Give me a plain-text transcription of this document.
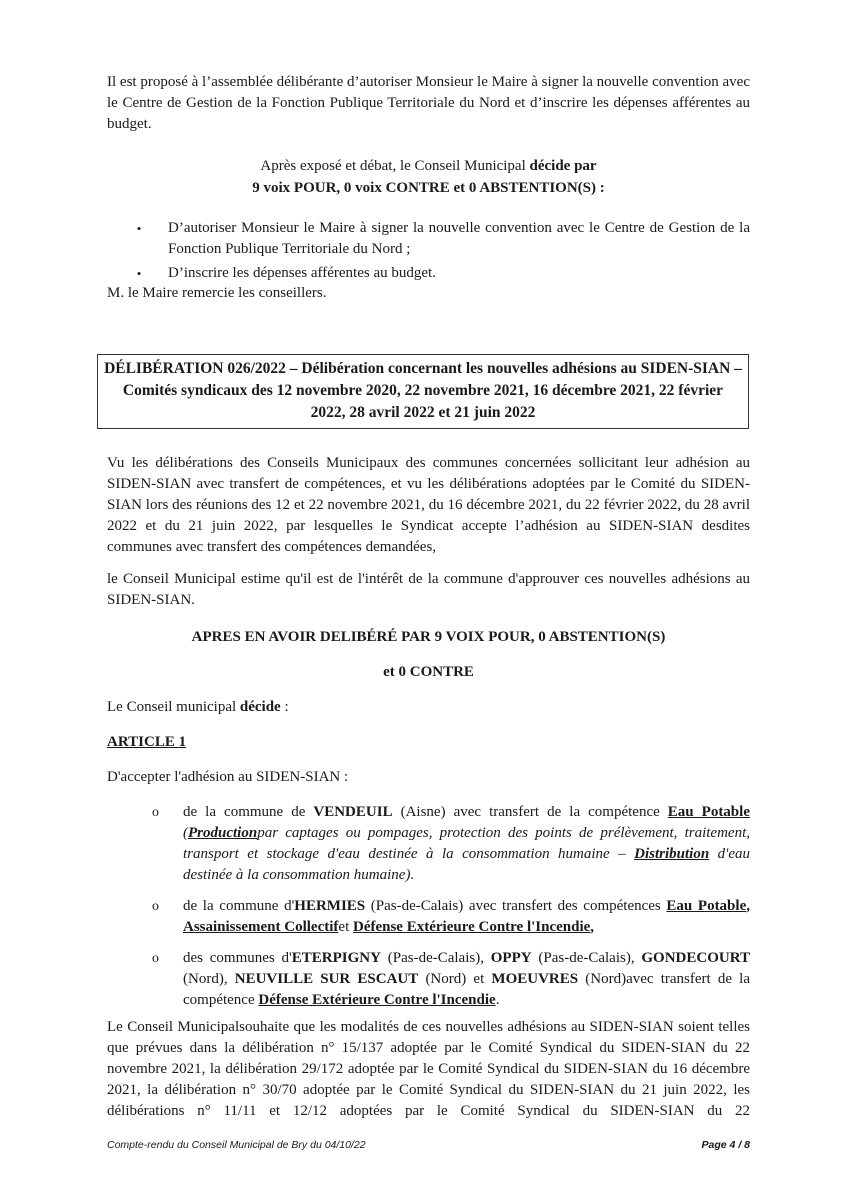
Il est proposé à l’assemblée délibérante d’autoriser Monsieur le Maire à signer la nouvelle convention avec le Centre de Gestion de la Fonction Publique Territoriale du Nord et d’inscrire les dépenses afférentes au budget.

Après exposé et débat, le Conseil Municipal décide par

9 voix POUR, 0 voix CONTRE et 0 ABSTENTION(S) :

•	D’autoriser Monsieur le Maire à signer la nouvelle convention avec le Centre de Gestion de la Fonction Publique Territoriale du Nord ;
•	D’inscrire les dépenses afférentes au budget.

M. le Maire remercie les conseillers.

DÉLIBÉRATION 026/2022 – Délibération concernant les nouvelles adhésions au SIDEN-SIAN –
Comités syndicaux des 12 novembre 2020, 22 novembre 2021, 16 décembre 2021, 22 février
2022, 28 avril 2022 et 21 juin 2022

Vu les délibérations des Conseils Municipaux des communes concernées sollicitant leur adhésion au SIDEN-SIAN avec transfert de compétences, et vu les délibérations adoptées par le Comité du SIDEN-SIAN lors des réunions des 12 et 22 novembre 2021, du 16 décembre 2021, du 22 février 2022, du 28 avril 2022 et du 21 juin 2022, par lesquelles le Syndicat accepte l’adhésion au SIDEN-SIAN desdites communes avec transfert des compétences demandées,

le Conseil Municipal estime qu'il est de l'intérêt de la commune d'approuver ces nouvelles adhésions au SIDEN-SIAN.

APRES EN AVOIR DELIBÉRÉ PAR 9 VOIX POUR, 0 ABSTENTION(S)

et 0 CONTRE

Le Conseil municipal décide :

ARTICLE 1

D'accepter l'adhésion au SIDEN-SIAN :

o de la commune de VENDEUIL (Aisne) avec transfert de la compétence Eau Potable (Productionpar captages ou pompages, protection des points de prélèvement, traitement, transport et stockage d'eau destinée à la consommation humaine – Distribution d'eau destinée à la consommation humaine).
o de la commune d'HERMIES (Pas-de-Calais) avec transfert des compétences Eau Potable, Assainissement Collectifet Défense Extérieure Contre l'Incendie,
o des communes d'ETERPIGNY (Pas-de-Calais), OPPY (Pas-de-Calais), GONDECOURT (Nord), NEUVILLE SUR ESCAUT (Nord) et MOEUVRES (Nord)avec transfert de la compétence Défense Extérieure Contre l'Incendie.

Le Conseil Municipalsouhaite que les modalités de ces nouvelles adhésions au SIDEN-SIAN soient telles que prévues dans la délibération n° 15/137 adoptée par le Comité Syndical du SIDEN-SIAN du 22 novembre 2021, la délibération 29/172 adoptée par le Comité Syndical du SIDEN-SIAN du 16 décembre 2021, la délibération n° 30/70 adoptée par le Comité Syndical du SIDEN-SIAN du 21 juin 2022, les délibérations n° 11/11 et 12/12 adoptées par le Comité Syndical du SIDEN-SIAN du 22

Compte-rendu du Conseil Municipal de Bry du 04/10/22	Page 4 / 8
